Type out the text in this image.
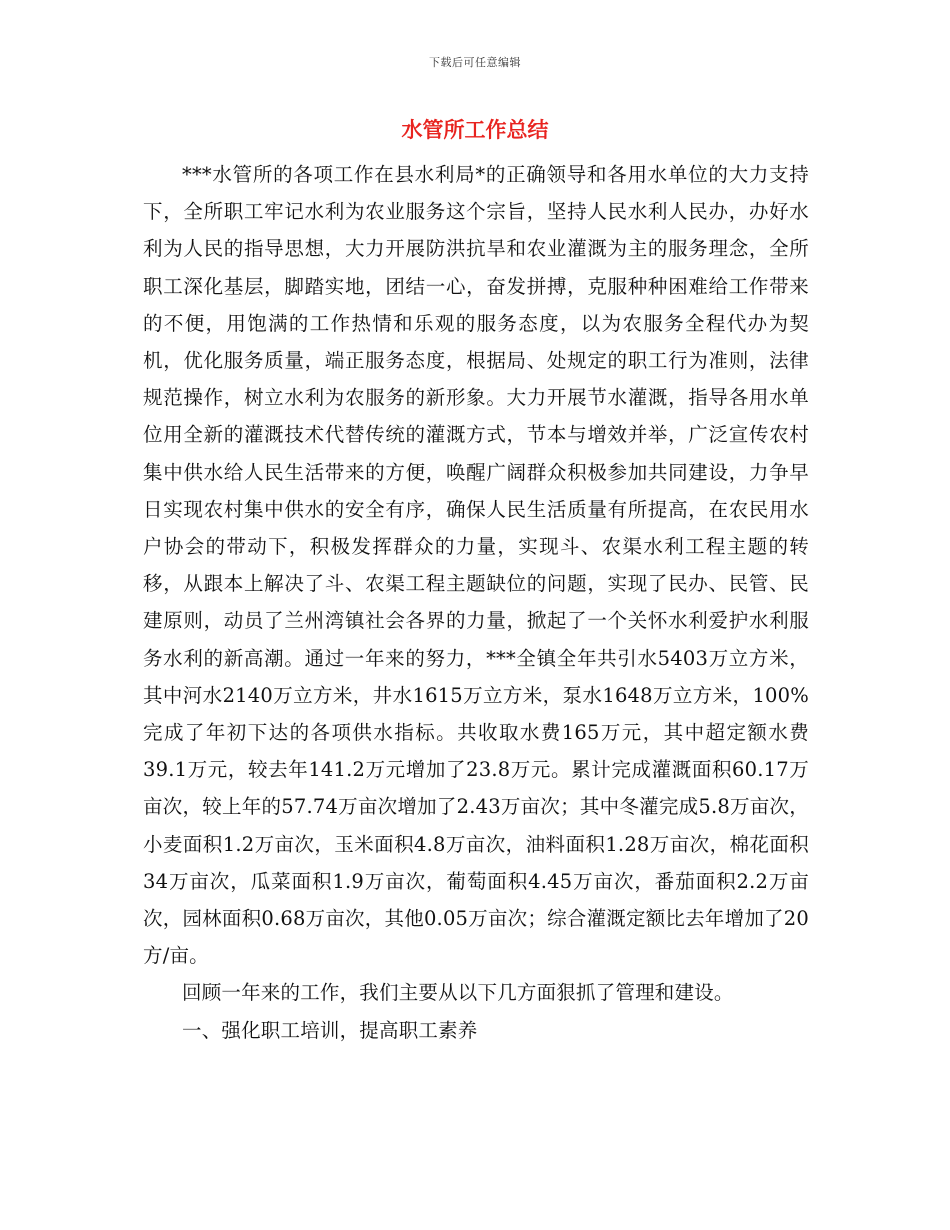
下载后可任意编辑
水管所工作总结

***水管所的各项工作在县水利局*的正确领导和各用水单位的大力支持下，全所职工牢记水利为农业服务这个宗旨，坚持人民水利人民办，办好水利为人民的指导思想，大力开展防洪抗旱和农业灌溉为主的服务理念，全所职工深化基层，脚踏实地，团结一心，奋发拼搏，克服种种困难给工作带来的不便，用饱满的工作热情和乐观的服务态度，以为农服务全程代办为契机，优化服务质量，端正服务态度，根据局、处规定的职工行为准则，法律规范操作，树立水利为农服务的新形象。大力开展节水灌溉，指导各用水单位用全新的灌溉技术代替传统的灌溉方式，节本与增效并举，广泛宣传农村集中供水给人民生活带来的方便，唤醒广阔群众积极参加共同建设，力争早日实现农村集中供水的安全有序，确保人民生活质量有所提高，在农民用水户协会的带动下，积极发挥群众的力量，实现斗、农渠水利工程主题的转移，从跟本上解决了斗、农渠工程主题缺位的问题，实现了民办、民管、民建原则，动员了兰州湾镇社会各界的力量，掀起了一个关怀水利爱护水利服务水利的新高潮。通过一年来的努力，***全镇全年共引水5403万立方米，其中河水2140万立方米，井水1615万立方米，泵水1648万立方米，100%完成了年初下达的各项供水指标。共收取水费165万元，其中超定额水费39.1万元，较去年141.2万元增加了23.8万元。累计完成灌溉面积60.17万亩次，较上年的57.74万亩次增加了2.43万亩次；其中冬灌完成5.8万亩次，小麦面积1.2万亩次，玉米面积4.8万亩次，油料面积1.28万亩次，棉花面积34万亩次，瓜菜面积1.9万亩次，葡萄面积4.45万亩次，番茄面积2.2万亩次，园林面积0.68万亩次，其他0.05万亩次；综合灌溉定额比去年增加了20方/亩。

回顾一年来的工作，我们主要从以下几方面狠抓了管理和建设。

一、强化职工培训，提高职工素养
